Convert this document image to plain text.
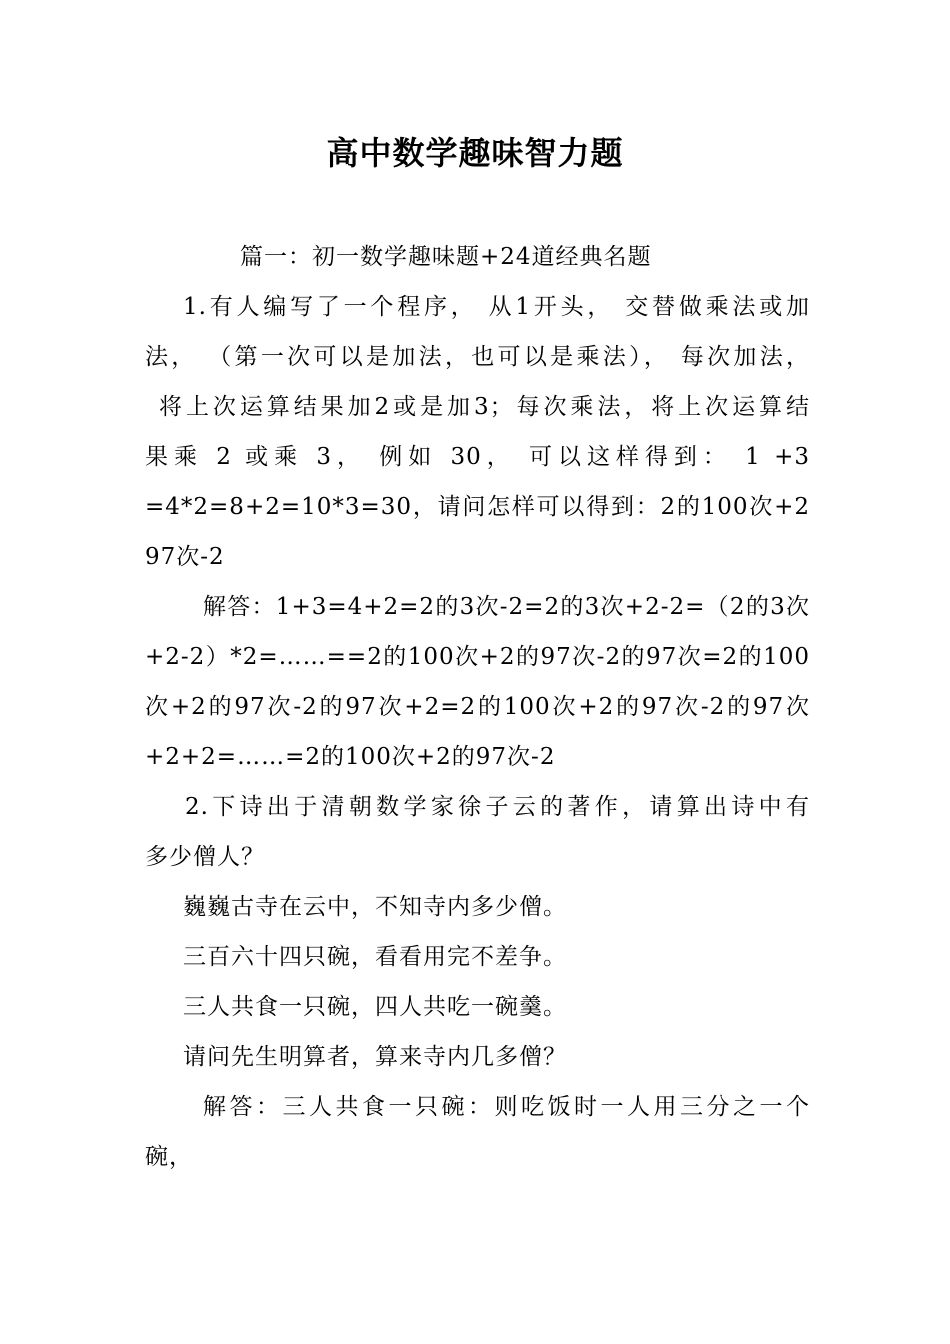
高中数学趣味智力题
篇一：初一数学趣味题+24道经典名题
1.有人编写了一个程序， 从1开头， 交替做乘法或加
法， （第一次可以是加法，也可以是乘法）， 每次加法，
将上次运算结果加2或是加3；每次乘法，将上次运算结
果乘 2 或乘 3， 例如 30， 可以这样得到： 1 +3
=4*2=8+2=10*3=30，请问怎样可以得到：2的100次+2
97次-2
解答：1+3=4+2=2的3次-2=2的3次+2-2=（2的3次
+2-2）*2=……==2的100次+2的97次-2的97次=2的100
次+2的97次-2的97次+2=2的100次+2的97次-2的97次
+2+2=……=2的100次+2的97次-2
2.下诗出于清朝数学家徐子云的著作，请算出诗中有
多少僧人？
巍巍古寺在云中，不知寺内多少僧。
三百六十四只碗，看看用完不差争。
三人共食一只碗，四人共吃一碗羹。
请问先生明算者，算来寺内几多僧？
解答：三人共食一只碗：则吃饭时一人用三分之一个
碗，
